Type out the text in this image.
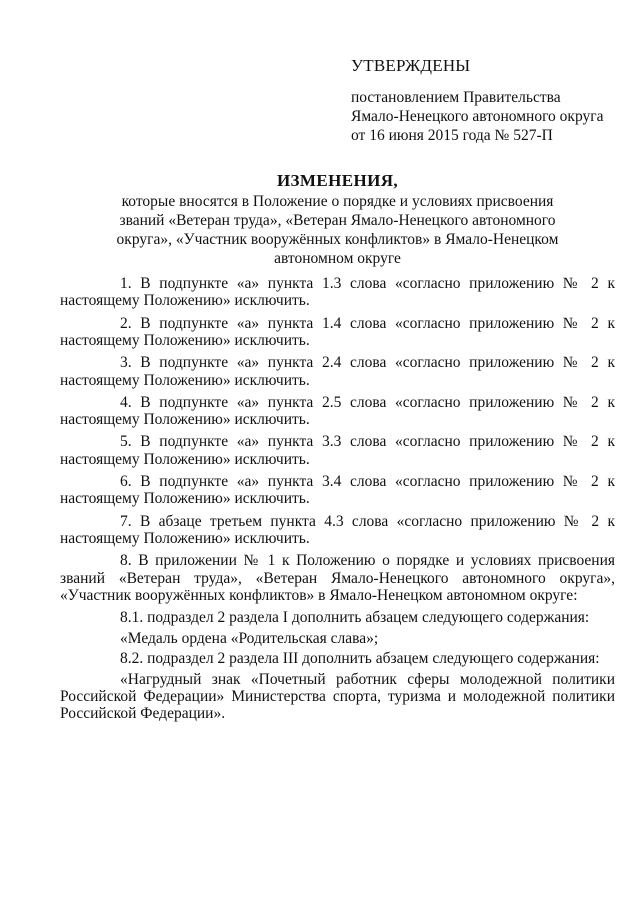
УТВЕРЖДЕНЫ
постановлением Правительства
Ямало-Ненецкого автономного округа
от 16 июня 2015 года № 527-П
ИЗМЕНЕНИЯ,
которые вносятся в Положение о порядке и условиях присвоения
званий «Ветеран труда», «Ветеран Ямало-Ненецкого автономного
округа», «Участник вооружённых конфликтов» в Ямало-Ненецком
автономном округе
1. В подпункте «а» пункта 1.3 слова «согласно приложению № 2 к
настоящему Положению» исключить.
2. В подпункте «а» пункта 1.4 слова «согласно приложению № 2 к
настоящему Положению» исключить.
3. В подпункте «а» пункта 2.4 слова «согласно приложению № 2 к
настоящему Положению» исключить.
4. В подпункте «а» пункта 2.5 слова «согласно приложению № 2 к
настоящему Положению» исключить.
5. В подпункте «а» пункта 3.3 слова «согласно приложению № 2 к
настоящему Положению» исключить.
6. В подпункте «а» пункта 3.4 слова «согласно приложению № 2 к
настоящему Положению» исключить.
7. В абзаце третьем пункта 4.3 слова «согласно приложению № 2 к
настоящему Положению» исключить.
8. В приложении № 1 к Положению о порядке и условиях присвоения
званий «Ветеран труда», «Ветеран Ямало-Ненецкого автономного округа»,
«Участник вооружённых конфликтов» в Ямало-Ненецком автономном округе:
8.1. подраздел 2 раздела I дополнить абзацем следующего содержания:
«Медаль ордена «Родительская слава»;
8.2. подраздел 2 раздела III дополнить абзацем следующего содержания:
«Нагрудный знак «Почетный работник сферы молодежной политики
Российской Федерации» Министерства спорта, туризма и молодежной политики
Российской Федерации».
